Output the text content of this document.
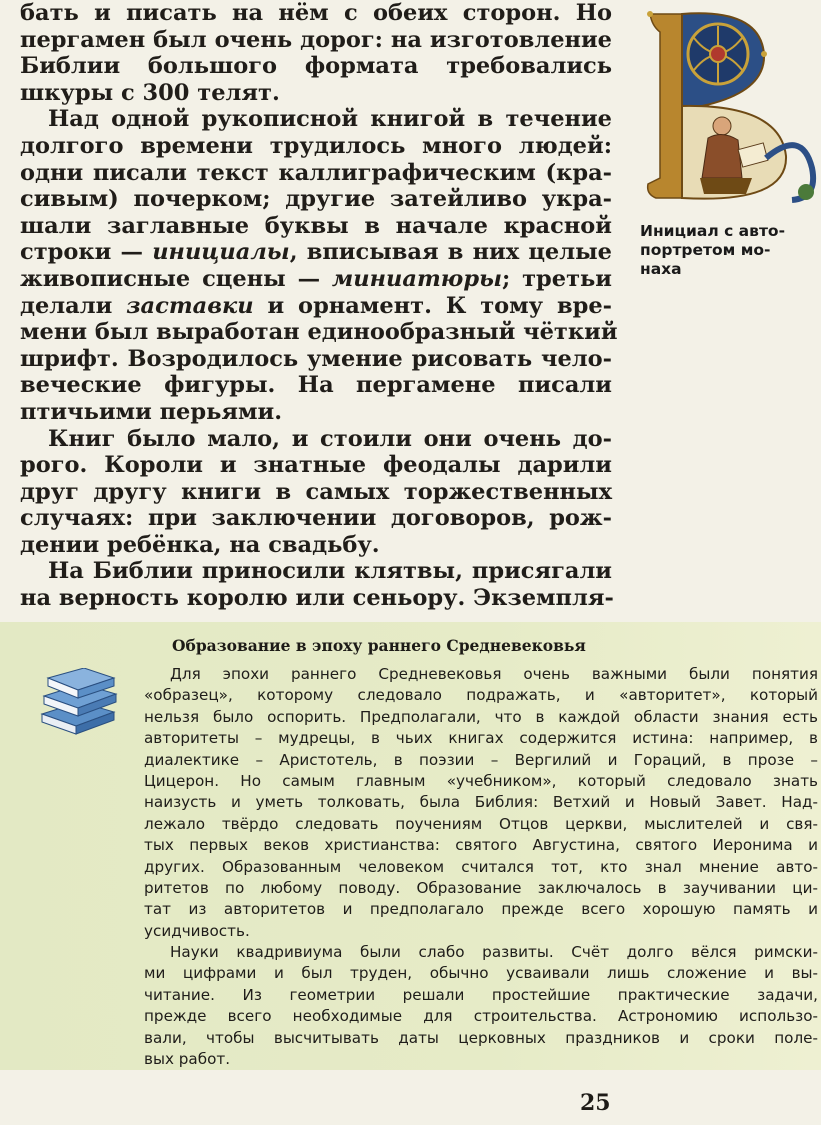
бать и писать на нём с обеих сторон. Но
пергамен был очень дорог: на изготовление
Библии большого формата требовались
шкуры с 300 телят.
Над одной рукописной книгой в течение
долгого времени трудилось много людей:
одни писали текст каллиграфическим (кра-
сивым) почерком; другие затейливо укра-
шали заглавные буквы в начале красной
строки — инициалы, вписывая в них целые
живописные сцены — миниатюры; третьи
делали заставки и орнамент. К тому вре-
мени был выработан единообразный чёткий
шрифт. Возродилось умение рисовать чело-
веческие фигуры. На пергамене писали
птичьими перьями.
Книг было мало, и стоили они очень до-
рого. Короли и знатные феодалы дарили
друг другу книги в самых торжественных
случаях: при заключении договоров, рож-
дении ребёнка, на свадьбу.
На Библии приносили клятвы, присягали
на верность королю или сеньору. Экземпля-
Инициал с авто-
портретом мо-
наха
Образование в эпоху раннего Средневековья
Для эпохи раннего Средневековья очень важными были понятия
«образец», которому следовало подражать, и «авторитет», который
нельзя было оспорить. Предполагали, что в каждой области знания есть
авторитеты – мудрецы, в чьих книгах содержится истина: например, в
диалектике – Аристотель, в поэзии – Вергилий и Гораций, в прозе –
Цицерон. Но самым главным «учебником», который следовало знать
наизусть и уметь толковать, была Библия: Ветхий и Новый Завет. Над-
лежало твёрдо следовать поучениям Отцов церкви, мыслителей и свя-
тых первых веков христианства: святого Августина, святого Иеронима и
других. Образованным человеком считался тот, кто знал мнение авто-
ритетов по любому поводу. Образование заключалось в заучивании ци-
тат из авторитетов и предполагало прежде всего хорошую память и
усидчивость.
Науки квадривиума были слабо развиты. Счёт долго вёлся римски-
ми цифрами и был труден, обычно усваивали лишь сложение и вы-
читание. Из геометрии решали простейшие практические задачи,
прежде всего необходимые для строительства. Астрономию использо-
вали, чтобы высчитывать даты церковных праздников и сроки поле-
вых работ.
25
